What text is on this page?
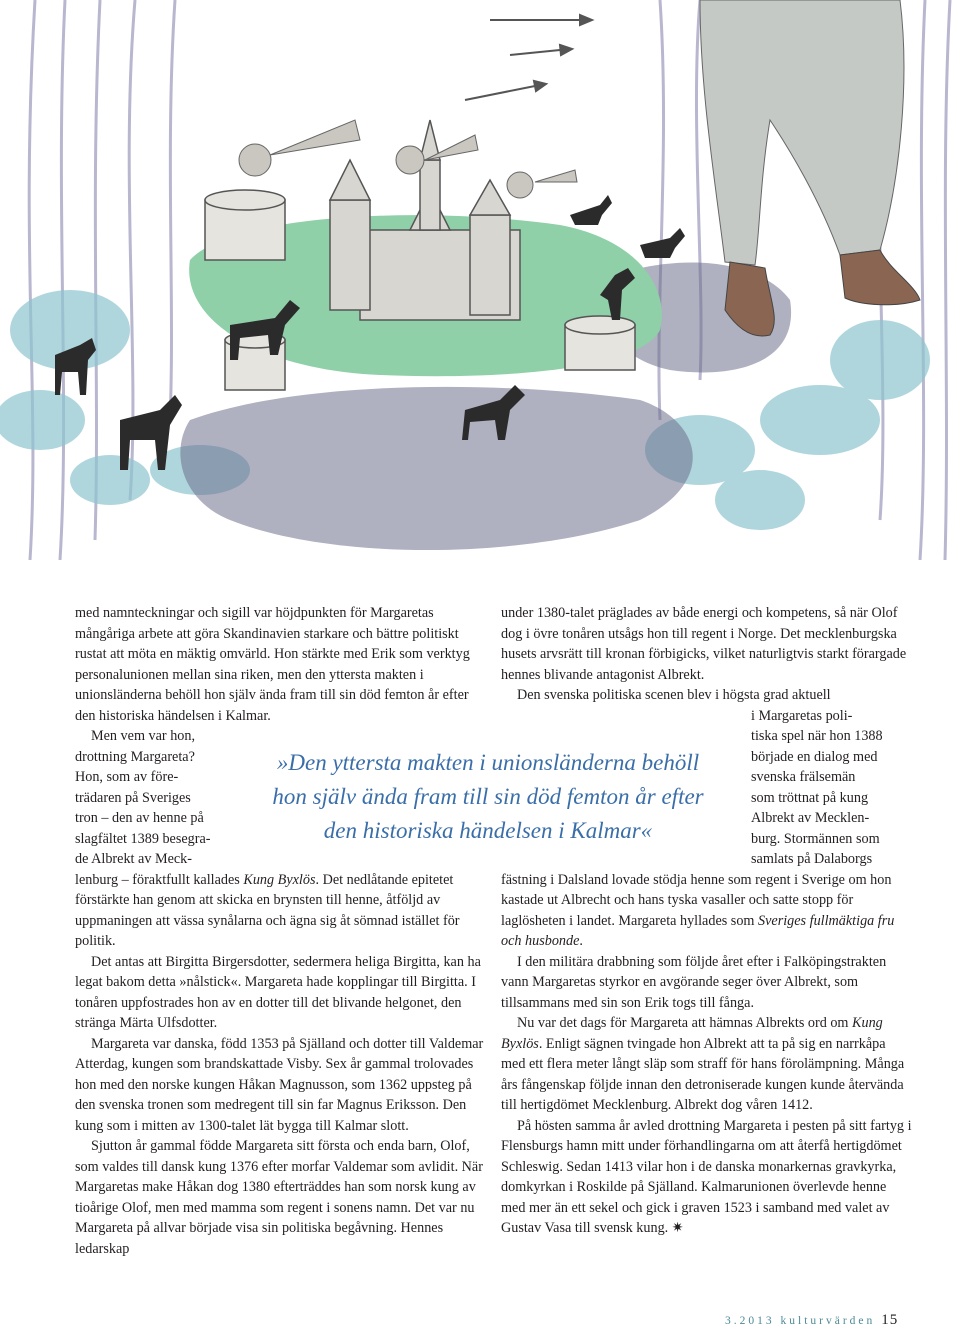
med namnteckningar och sigill var höjdpunkten för Margaretas mångåriga arbete att göra Skandinavien starkare och bättre politiskt rustat att möta en mäktig omvärld. Hon stärkte med Erik som verktyg personalunionen mellan sina riken, men den yttersta makten i unionsländerna behöll hon själv ända fram till sin död femton år efter den historiska händelsen i Kalmar.

Men vem var hon,
drottning Margareta?
Hon, som av före-
trädaren på Sveriges
tron – den av henne på
slagfältet 1389 besegra-
de Albrekt av Meck-

lenburg – föraktfullt kallades Kung Byxlös. Det nedlåtande epitetet förstärkte han genom att skicka en brynsten till henne, åtföljd av uppmaningen att vässa synålarna och ägna sig åt sömnad istället för politik.

Det antas att Birgitta Birgersdotter, sedermera heliga Birgitta, kan ha legat bakom detta »nålstick«. Margareta hade kopplingar till Birgitta. I tonåren uppfostrades hon av en dotter till det blivande helgonet, den stränga Märta Ulfsdotter.

Margareta var danska, född 1353 på Själland och dotter till Valdemar Atterdag, kungen som brandskattade Visby. Sex år gammal trolovades hon med den norske kungen Håkan Magnusson, som 1362 uppsteg på den svenska tronen som medregent till sin far Magnus Eriksson. Den kung som i mitten av 1300-talet lät bygga till Kalmar slott.

Sjutton år gammal födde Margareta sitt första och enda barn, Olof, som valdes till dansk kung 1376 efter morfar Valdemar som avlidit. När Margaretas make Håkan dog 1380 efterträddes han som norsk kung av tioårige Olof, men med mamma som regent i sonens namn. Det var nu Margareta på allvar började visa sin politiska begåvning. Hennes ledarskap

»Den yttersta makten i unionsländerna behöll
hon själv ända fram till sin död femton år efter
den historiska händelsen i Kalmar«

under 1380-talet präglades av både energi och kompetens, så när Olof dog i övre tonåren utsågs hon till regent i Norge. Det mecklenburgska husets arvsrätt till kronan förbigicks, vilket naturligtvis starkt förargade hennes blivande antagonist Albrekt.

Den svenska politiska scenen blev i högsta grad aktuell

i Margaretas poli-
tiska spel när hon 1388
började en dialog med
svenska frälsemän
som tröttnat på kung
Albrekt av Mecklen-
burg. Stormännen som
samlats på Dalaborgs

fästning i Dalsland lovade stödja henne som regent i Sverige om hon kastade ut Albrecht och hans tyska vasaller och satte stopp för laglösheten i landet. Margareta hyllades som Sveriges fullmäktiga fru och husbonde.

I den militära drabbning som följde året efter i Falköpingstrakten vann Margaretas styrkor en avgörande seger över Albrekt, som tillsammans med sin son Erik togs till fånga.

Nu var det dags för Margareta att hämnas Albrekts ord om Kung Byxlös. Enligt sägnen tvingade hon Albrekt att ta på sig en narrkåpa med ett flera meter långt släp som straff för hans förolämpning. Många års fångenskap följde innan den detroniserade kungen kunde återvända till hertigdömet Mecklenburg. Albrekt dog våren 1412.

På hösten samma år avled drottning Margareta i pesten på sitt fartyg i Flensburgs hamn mitt under förhandlingarna om att återfå hertigdömet Schleswig. Sedan 1413 vilar hon i de danska monarkernas gravkyrka, domkyrkan i Roskilde på Själland. Kalmarunionen överlevde henne med mer än ett sekel och gick i graven 1523 i samband med valet av Gustav Vasa till svensk kung. ✷

3.2013 kulturvärden 15
